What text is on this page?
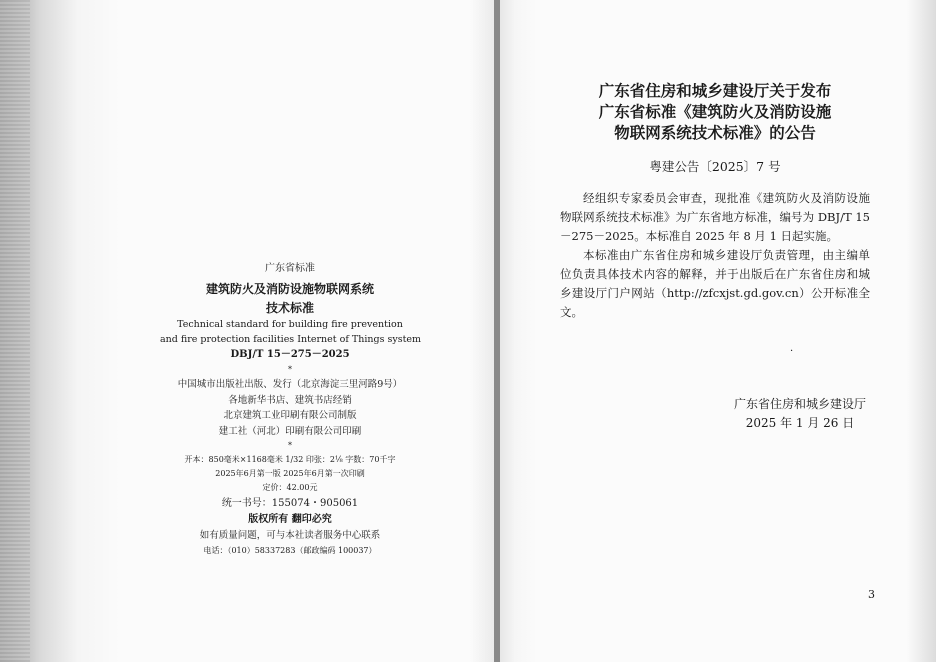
广东省标准
建筑防火及消防设施物联网系统
技术标准
Technical standard for building fire prevention
and fire protection facilities Internet of Things system
DBJ/T 15－275－2025
*
中国城市出版社出版、发行（北京海淀三里河路9号）
各地新华书店、建筑书店经销
北京建筑工业印刷有限公司制版
建工社（河北）印刷有限公司印刷
*
开本：850毫米×1168毫米 1/32 印张：2⅛ 字数：70千字
2025年6月第一版 2025年6月第一次印刷
定价：42.00元
统一书号：155074・905061
版权所有 翻印必究
如有质量问题，可与本社读者服务中心联系
电话：（010）58337283（邮政编码 100037）
广东省住房和城乡建设厅关于发布
广东省标准《建筑防火及消防设施
物联网系统技术标准》的公告
粤建公告〔2025〕7 号

经组织专家委员会审查，现批准《建筑防火及消防设施物联网系统技术标准》为广东省地方标准，编号为 DBJ/T 15－275－2025。本标准自 2025 年 8 月 1 日起实施。

本标准由广东省住房和城乡建设厅负责管理，由主编单位负责具体技术内容的解释，并于出版后在广东省住房和城乡建设厅门户网站（http://zfcxjst.gd.gov.cn）公开标准全文。

·
广东省住房和城乡建设厅
2025 年 1 月 26 日
3
